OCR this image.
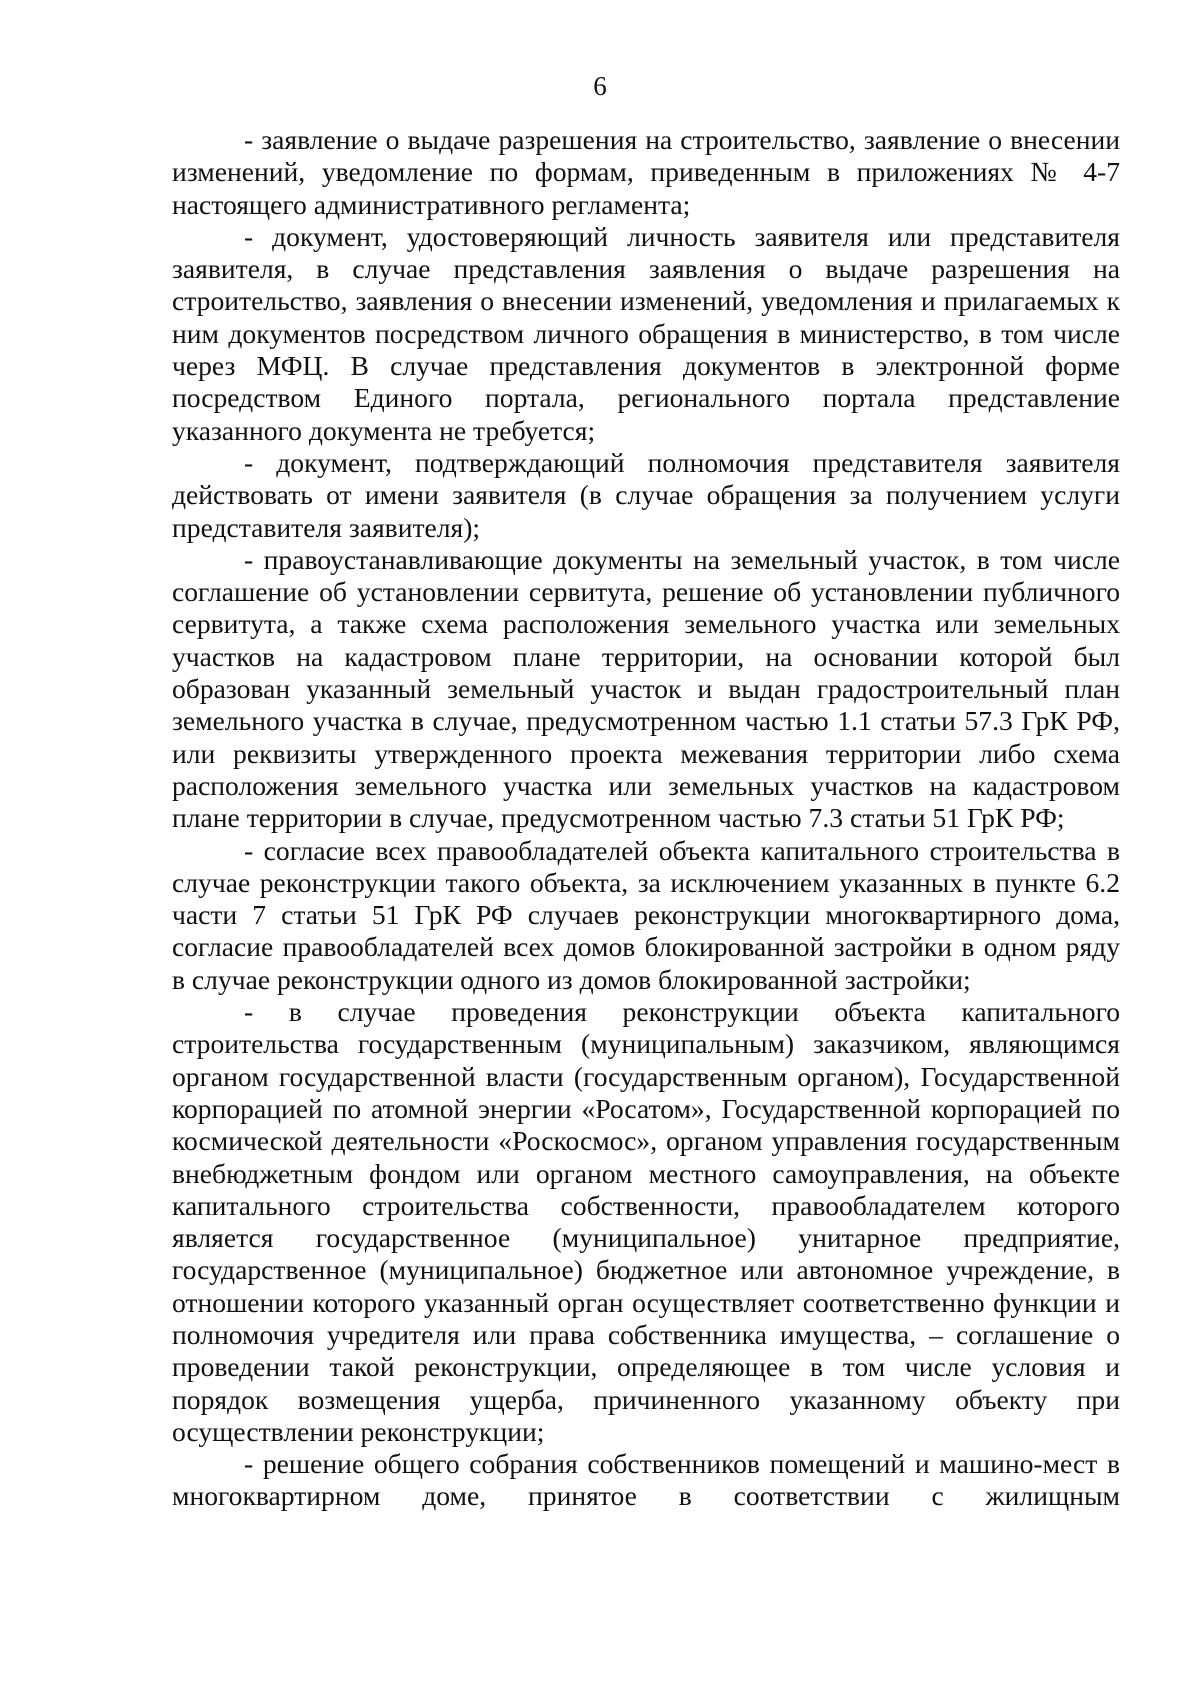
6

- заявление о выдаче разрешения на строительство, заявление о внесении изменений, уведомление по формам, приведенным в приложениях № 4-7 настоящего административного регламента;

- документ, удостоверяющий личность заявителя или представителя заявителя, в случае представления заявления о выдаче разрешения на строительство, заявления о внесении изменений, уведомления и прилагаемых к ним документов посредством личного обращения в министерство, в том числе через МФЦ. В случае представления документов в электронной форме посредством Единого портала, регионального портала представление указанного документа не требуется;

- документ, подтверждающий полномочия представителя заявителя действовать от имени заявителя (в случае обращения за получением услуги представителя заявителя);

- правоустанавливающие документы на земельный участок, в том числе соглашение об установлении сервитута, решение об установлении публичного сервитута, а также схема расположения земельного участка или земельных участков на кадастровом плане территории, на основании которой был образован указанный земельный участок и выдан градостроительный план земельного участка в случае, предусмотренном частью 1.1 статьи 57.3 ГрК РФ, или реквизиты утвержденного проекта межевания территории либо схема расположения земельного участка или земельных участков на кадастровом плане территории в случае, предусмотренном частью 7.3 статьи 51 ГрК РФ;

- согласие всех правообладателей объекта капитального строительства в случае реконструкции такого объекта, за исключением указанных в пункте 6.2 части 7 статьи 51 ГрК РФ случаев реконструкции многоквартирного дома, согласие правообладателей всех домов блокированной застройки в одном ряду в случае реконструкции одного из домов блокированной застройки;

- в случае проведения реконструкции объекта капитального строительства государственным (муниципальным) заказчиком, являющимся органом государственной власти (государственным органом), Государственной корпорацией по атомной энергии «Росатом», Государственной корпорацией по космической деятельности «Роскосмос», органом управления государственным внебюджетным фондом или органом местного самоуправления, на объекте капитального строительства собственности, правообладателем которого является государственное (муниципальное) унитарное предприятие, государственное (муниципальное) бюджетное или автономное учреждение, в отношении которого указанный орган осуществляет соответственно функции и полномочия учредителя или права собственника имущества, – соглашение о проведении такой реконструкции, определяющее в том числе условия и порядок возмещения ущерба, причиненного указанному объекту при осуществлении реконструкции;

- решение общего собрания собственников помещений и машино-мест в многоквартирном доме, принятое в соответствии с жилищным
